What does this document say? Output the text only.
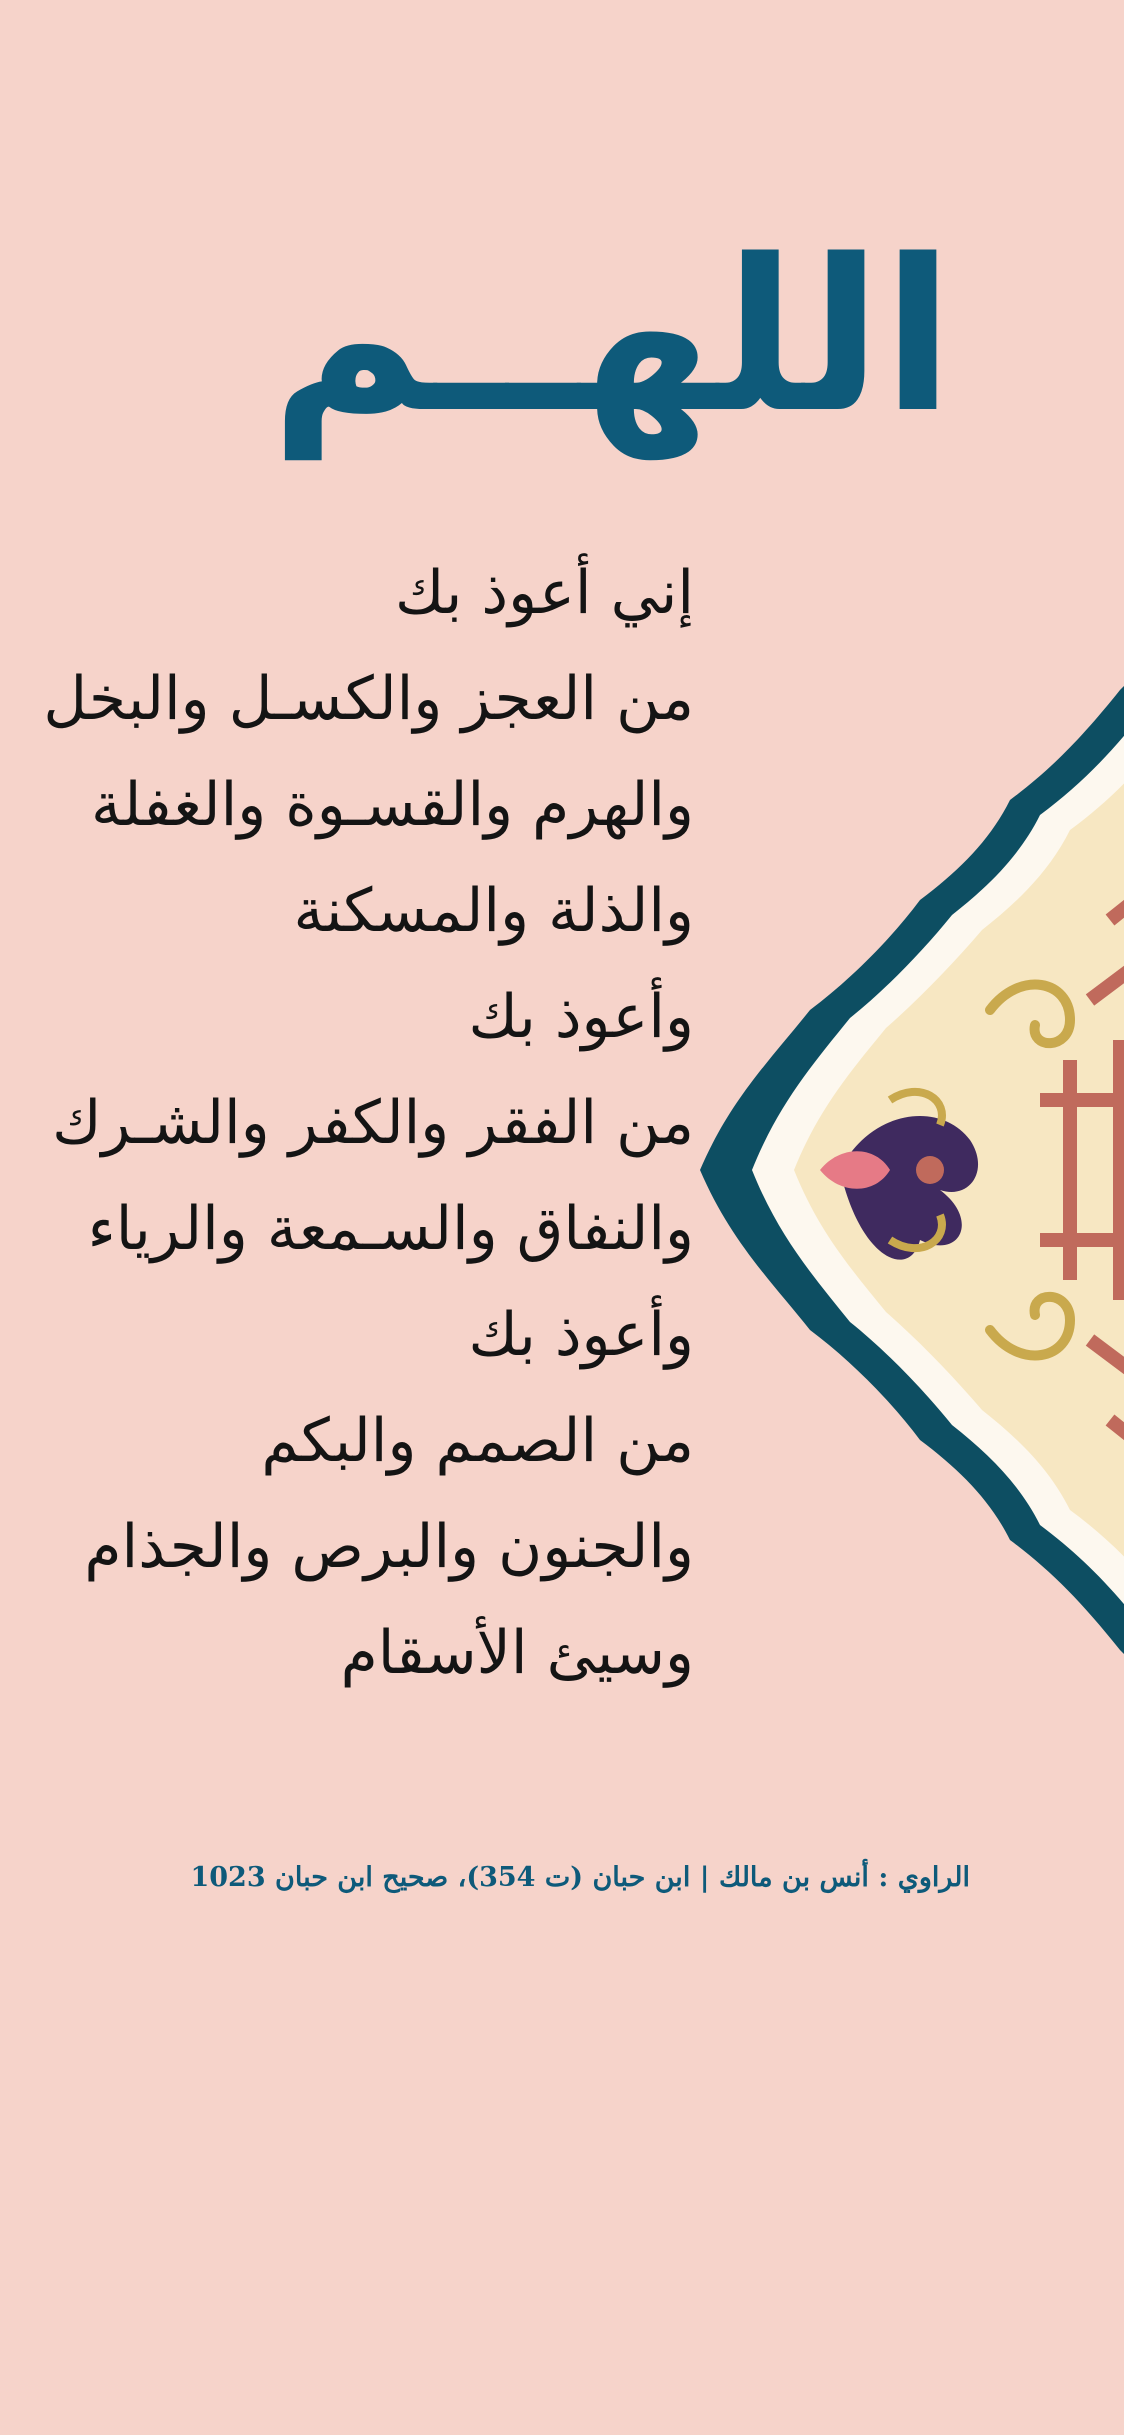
اللهــم
إني أعوذ بك
من العجز والكسـل والبخل
والهرم والقسـوة والغفلة
والذلة والمسكنة
وأعوذ بك
من الفقر والكفر والشـرك
والنفاق والسـمعة والرياء
وأعوذ بك
من الصمم والبكم
والجنون والبرص والجذام
وسيئ الأسقام
الراوي : أنس بن مالك | ابن حبان (ت 354)، صحيح ابن حبان 1023
